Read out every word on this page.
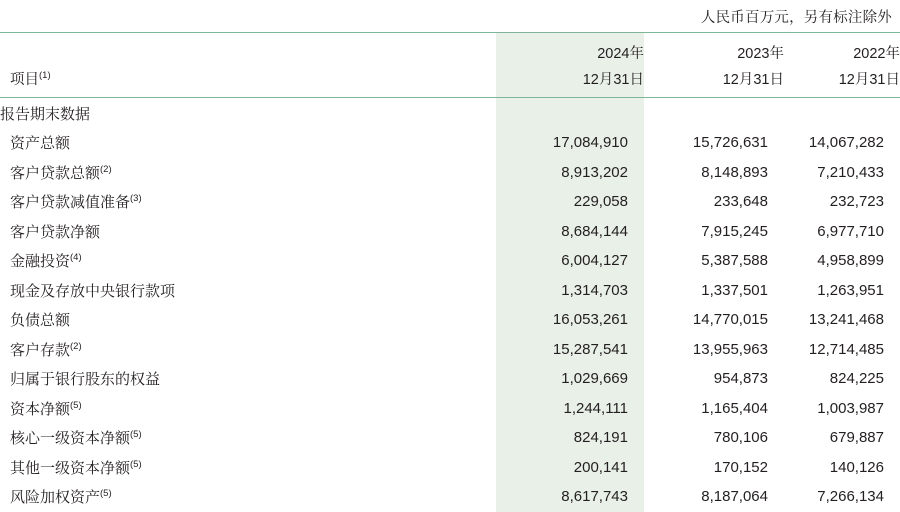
人民币百万元，另有标注除外
	2024年	2023年	2022年
项目$^{(1)}$	12月31日	12月31日	12月31日
报告期末数据			
资产总额	17,084,910	15,726,631	14,067,282
客户贷款总额$^{(2)}$	8,913,202	8,148,893	7,210,433
客户贷款减值准备$^{(3)}$	229,058	233,648	232,723
客户贷款净额	8,684,144	7,915,245	6,977,710
金融投资$^{(4)}$	6,004,127	5,387,588	4,958,899
现金及存放中央银行款项	1,314,703	1,337,501	1,263,951
负债总额	16,053,261	14,770,015	13,241,468
客户存款$^{(2)}$	15,287,541	13,955,963	12,714,485
归属于银行股东的权益	1,029,669	954,873	824,225
资本净额$^{(5)}$	1,244,111	1,165,404	1,003,987
核心一级资本净额$^{(5)}$	824,191	780,106	679,887
其他一级资本净额$^{(5)}$	200,141	170,152	140,126
风险加权资产$^{(5)}$	8,617,743	8,187,064	7,266,134
